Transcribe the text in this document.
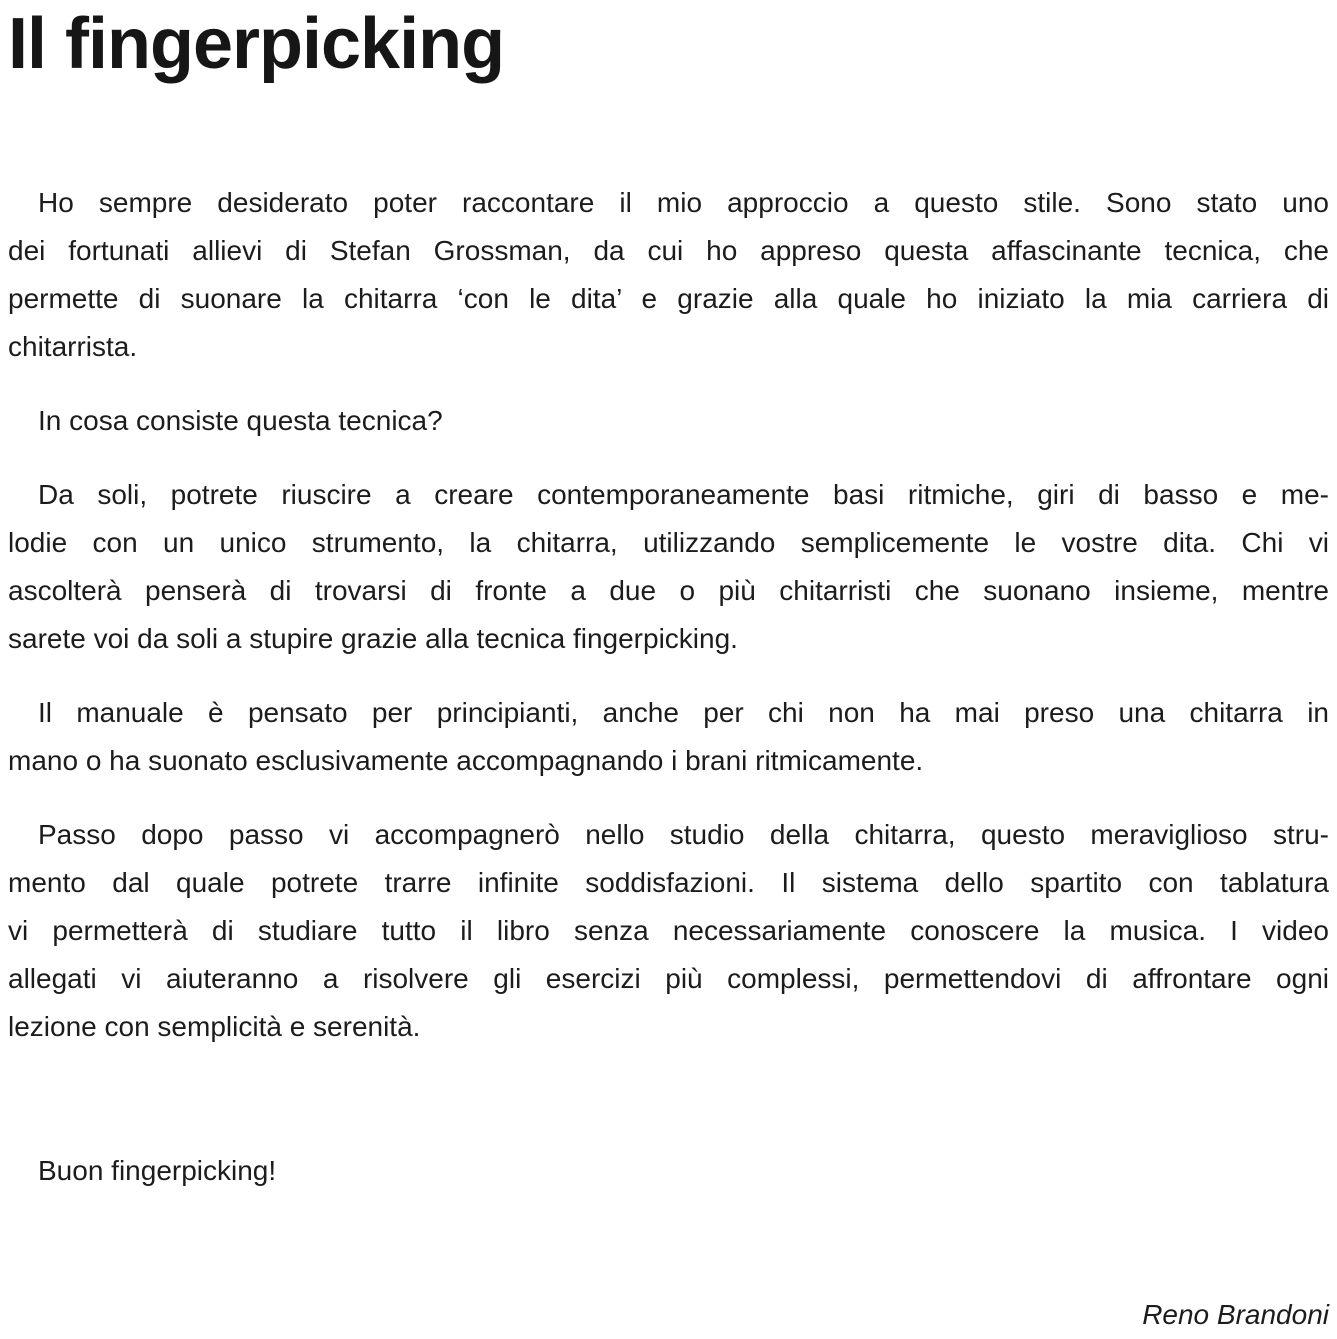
Il fingerpicking
Ho sempre desiderato poter raccontare il mio approccio a questo stile. Sono stato uno
dei fortunati allievi di Stefan Grossman, da cui ho appreso questa affascinante tecnica, che
permette di suonare la chitarra ‘con le dita’ e grazie alla quale ho iniziato la mia carriera di
chitarrista.
In cosa consiste questa tecnica?
Da soli, potrete riuscire a creare contemporaneamente basi ritmiche, giri di basso e me-
lodie con un unico strumento, la chitarra, utilizzando semplicemente le vostre dita. Chi vi
ascolterà penserà di trovarsi di fronte a due o più chitarristi che suonano insieme, mentre
sarete voi da soli a stupire grazie alla tecnica fingerpicking.
Il manuale è pensato per principianti, anche per chi non ha mai preso una chitarra in
mano o ha suonato esclusivamente accompagnando i brani ritmicamente.
Passo dopo passo vi accompagnerò nello studio della chitarra, questo meraviglioso stru-
mento dal quale potrete trarre infinite soddisfazioni. Il sistema dello spartito con tablatura
vi permetterà di studiare tutto il libro senza necessariamente conoscere la musica. I video
allegati vi aiuteranno a risolvere gli esercizi più complessi, permettendovi di affrontare ogni
lezione con semplicità e serenità.
Buon fingerpicking!
Reno Brandoni
